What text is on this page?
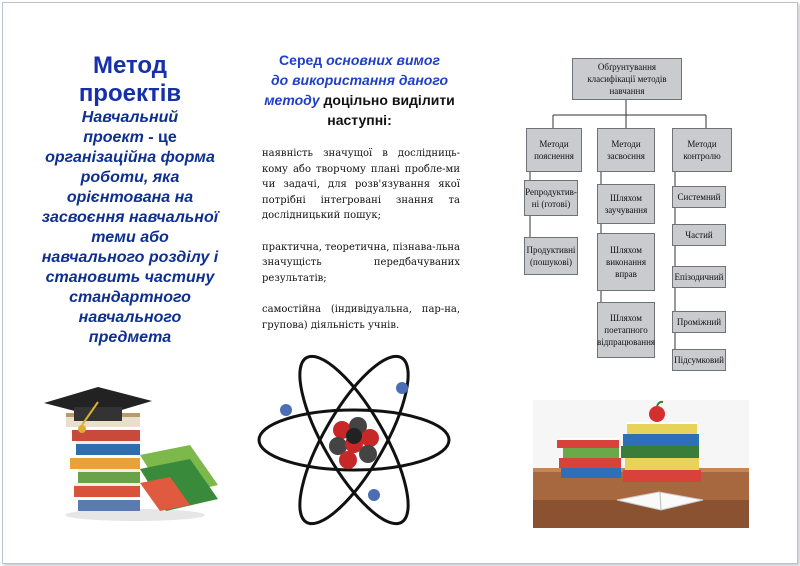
Метод
проектів
Навчальний
проект - це
організаційна форма
роботи, яка
орієнтована на
засвоєння навчальної
теми або
навчального розділу і
становить частину
стандартного
навчального
предмета
Серед основних вимог
до використання даного
методу доцільно виділити
наступні:

наявність значущої в дослідниць-кому або творчому плані пробле-ми чи задачі, для розв'язування якої потрібні інтегровані знання та дослідницький пошук;

практична, теоретична, пізнава-льна значущість передбачуваних результатів;

самостійна (індивідуальна, пар-на, групова) діяльність учнів.

Обґрунтування класифікації методів навчання
Методи пояснення
Репродуктив-ні (готові)
Продуктивні (пошукові)
Методи засвоєння
Шляхом заучування
Шляхом виконання вправ
Шляхом поетапного відпрацювання
Методи контролю
Системний
Частий
Епізодичний
Проміжний
Підсумковий
